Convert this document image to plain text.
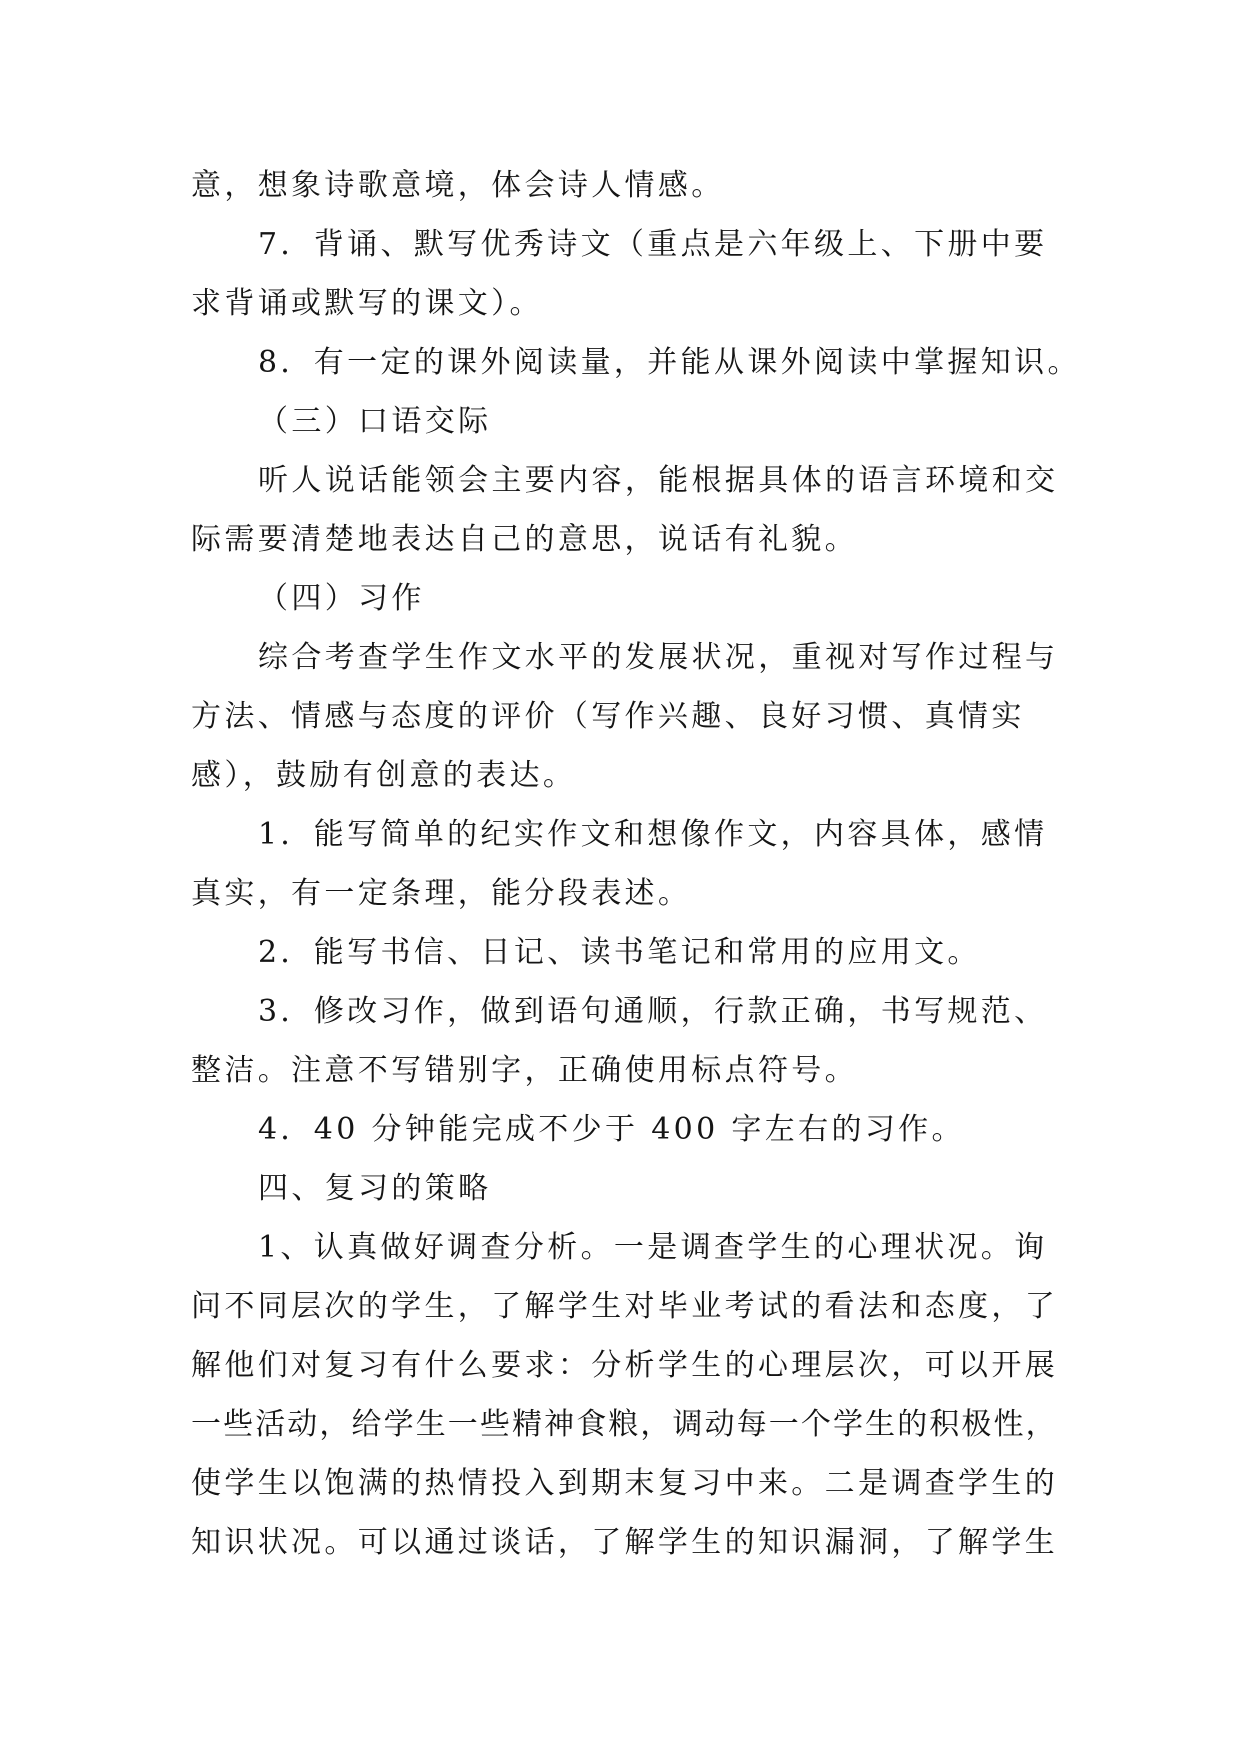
意，想象诗歌意境，体会诗人情感。
7．背诵、默写优秀诗文（重点是六年级上、下册中要
求背诵或默写的课文）。
8．有一定的课外阅读量，并能从课外阅读中掌握知识。
（三）口语交际
听人说话能领会主要内容，能根据具体的语言环境和交
际需要清楚地表达自己的意思，说话有礼貌。
（四）习作
综合考查学生作文水平的发展状况，重视对写作过程与
方法、情感与态度的评价（写作兴趣、良好习惯、真情实
感），鼓励有创意的表达。
1．能写简单的纪实作文和想像作文，内容具体，感情
真实，有一定条理，能分段表述。
2．能写书信、日记、读书笔记和常用的应用文。
3．修改习作，做到语句通顺，行款正确，书写规范、
整洁。注意不写错别字，正确使用标点符号。
4．40 分钟能完成不少于 400 字左右的习作。
四、复习的策略
1、认真做好调查分析。一是调查学生的心理状况。询
问不同层次的学生，了解学生对毕业考试的看法和态度，了
解他们对复习有什么要求：分析学生的心理层次，可以开展
一些活动，给学生一些精神食粮，调动每一个学生的积极性，
使学生以饱满的热情投入到期末复习中来。二是调查学生的
知识状况。可以通过谈话，了解学生的知识漏洞，了解学生
